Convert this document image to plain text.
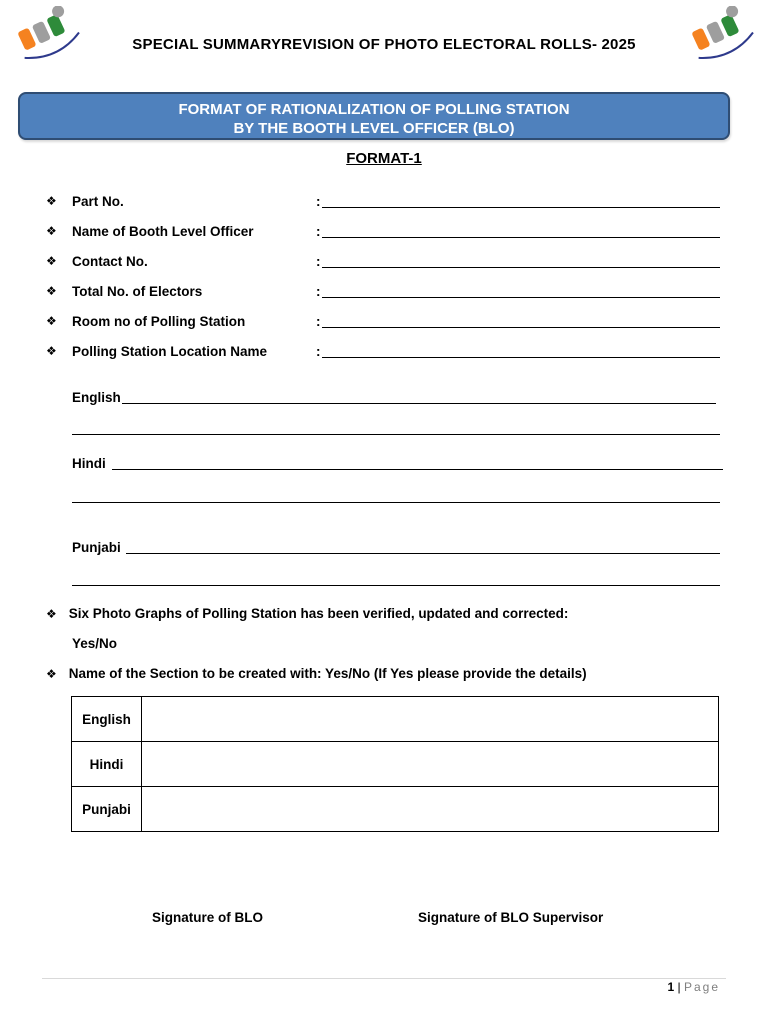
SPECIAL SUMMARYREVISION OF PHOTO ELECTORAL ROLLS- 2025
FORMAT OF RATIONALIZATION OF POLLING STATION
BY THE BOOTH LEVEL OFFICER (BLO)
FORMAT-1
❖ Part No.	:
❖ Name of Booth Level Officer	:
❖ Contact No.	:
❖ Total No. of Electors	:
❖ Room no of Polling Station	:
❖ Polling Station Location Name	:
English
Hindi
Punjabi
❖ Six Photo Graphs of Polling Station has been verified, updated and corrected:
Yes/No
❖ Name of the Section to be created with: Yes/No (If Yes please provide the details)
English	
Hindi	
Punjabi	
Signature of BLO	Signature of BLO Supervisor
1 | Page
